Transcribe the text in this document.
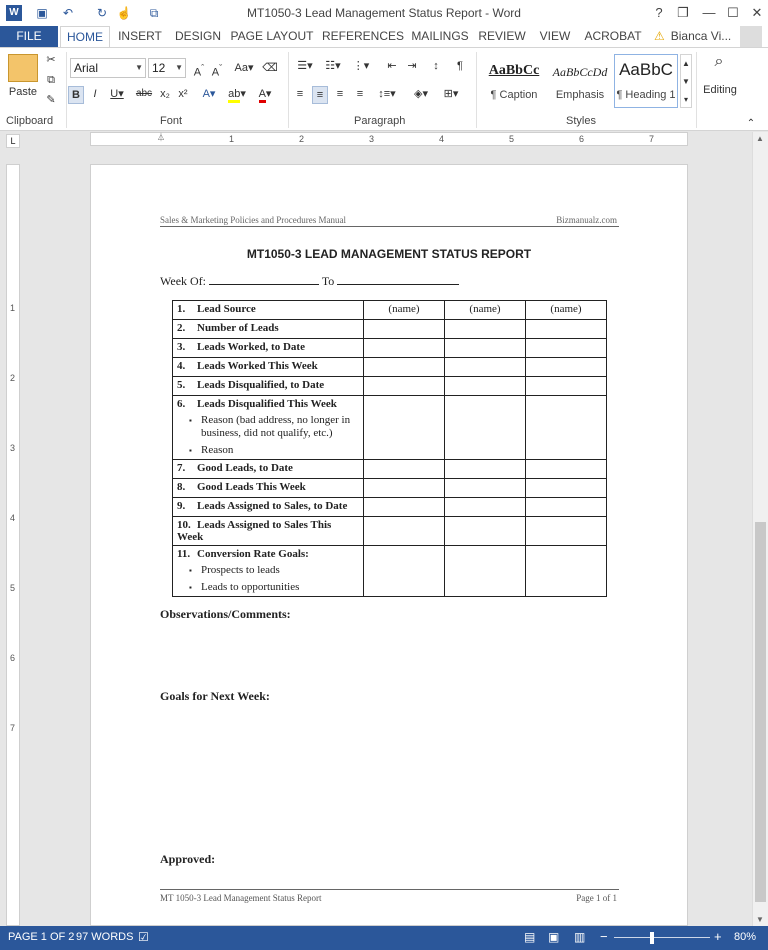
W ▣ ↶ ↻ ☝	⧉	MT1050-3 Lead Management Status Report - Word	?	❐	— ☐ ✕
FILE	HOME	INSERT	DESIGN PAGE LAYOUT REFERENCES MAILINGS REVIEW	VIEW	ACROBAT ⚠ Bianca Vi...
Paste
✂
⧉
✎
Clipboard
Arial	▼ 12 ▼ $A^ˆ$ $A^ˇ$ Aa▾ ⌫
B	I	U▾	abc x₂ x²	A▾	ab▾	A▾
Font
☰▾	☷▾	⋮▾	⇤ ⇥	↕	¶
≡	≡	≡	≡	↕≡▾	◈▾	⊞▾
Paragraph
AaBbCc
¶ Caption
AaBbCcDd
Emphasis
AaBbC
¶ Heading 1
▲
▼
▾
Styles
⌕
Editing
⌃
L	1	2	3	4	5	6	7
⏃
1
2
3
4
5
6
7
Sales & Marketing Policies and Procedures Manual	Bizmanualz.com
MT1050-3 LEAD MANAGEMENT STATUS REPORT
Week Of:	To
1. Lead Source	(name)	(name)	(name)

2. Number of Leads			

3. Leads Worked, to Date			

4. Leads Worked This Week			

5. Leads Disqualified, to Date			

6. Leads Disqualified This Week
▪ Reason (bad address, no longer in business, did not qualify, etc.)
▪ Reason

7. Good Leads, to Date			

8. Good Leads This Week			

9. Leads Assigned to Sales, to Date			

10. Leads Assigned to Sales This Week			

11. Conversion Rate Goals:
▪ Prospects to leads
▪ Leads to opportunities

Observations/Comments:
Goals for Next Week:
Approved:
MT 1050-3 Lead Management Status Report	Page 1 of 1
▲
▼
PAGE 1 OF 2 97 WORDS ☑	▤ ▣ ▥ −	+ 80%
